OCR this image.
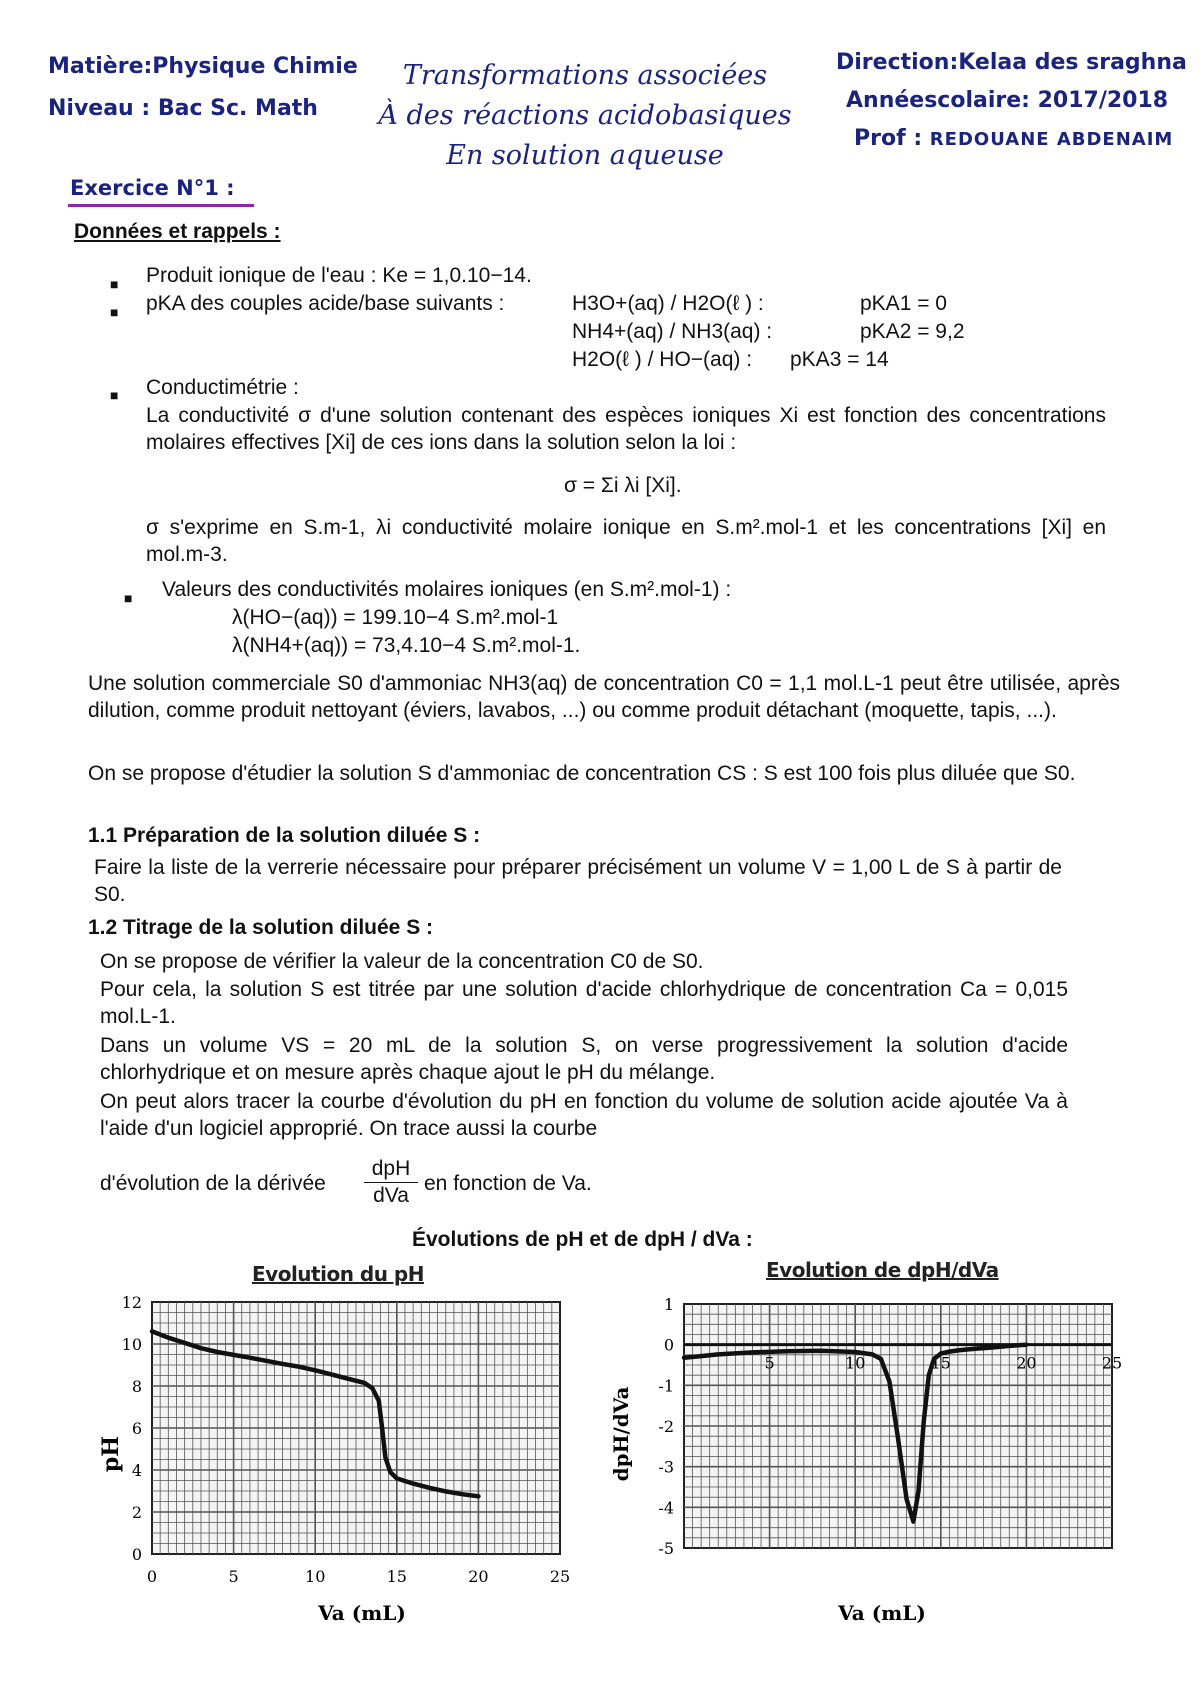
Matière:Physique Chimie
Niveau : Bac Sc. Math
Transformations associées
À des réactions acidobasiques
En solution aqueuse
Direction:Kelaa des sraghna
Annéescolaire: 2017/2018
Prof : REDOUANE ABDENAIM
Exercice N°1 :
Données et rappels :
■ Produit ionique de l'eau : Ke = 1,0.10−14.
■ pKA des couples acide/base suivants :	H3O+(aq) / H2O(ℓ ) :	pKA1 = 0
NH4+(aq) / NH3(aq) :	pKA2 = 9,2
H2O(ℓ ) / HO−(aq) : pKA3 = 14
■ Conductimétrie :
La conductivité σ d'une solution contenant des espèces ioniques Xi est fonction des concentrations molaires effectives [Xi] de ces ions dans la solution selon la loi :
σ = Σi λi [Xi].
σ s'exprime en S.m-1, λi conductivité molaire ionique en S.m².mol-1 et les concentrations [Xi] en mol.m-3.
■ Valeurs des conductivités molaires ioniques (en S.m².mol-1) :
λ(HO−(aq)) = 199.10−4 S.m².mol-1
λ(NH4+(aq)) = 73,4.10−4 S.m².mol-1.
Une solution commerciale S0 d'ammoniac NH3(aq) de concentration C0 = 1,1 mol.L-1 peut être utilisée, après dilution, comme produit nettoyant (éviers, lavabos, ...) ou comme produit détachant (moquette, tapis, ...).
On se propose d'étudier la solution S d'ammoniac de concentration CS : S est 100 fois plus diluée que S0.
1.1 Préparation de la solution diluée S :
Faire la liste de la verrerie nécessaire pour préparer précisément un volume V = 1,00 L de S à partir de S0.
1.2 Titrage de la solution diluée S :
On se propose de vérifier la valeur de la concentration C0 de S0.
Pour cela, la solution S est titrée par une solution d'acide chlorhydrique de concentration Ca = 0,015 mol.L-1.
Dans un volume VS = 20 mL de la solution S, on verse progressivement la solution d'acide chlorhydrique et on mesure après chaque ajout le pH du mélange.
On peut alors tracer la courbe d'évolution du pH en fonction du volume de solution acide ajoutée Va à l'aide d'un logiciel approprié. On trace aussi la courbe
d'évolution de la dérivée
dpH
dVa
en fonction de Va.
Évolutions de pH et de dpH / dVa :
Evolution du pH
0
2
4
6
8
10
12
0	5	10	15	20	25
pH
Va (mL)
Evolution de dpH/dVa
1
0
-1
-2
-3
-4
-5
5	10	15	20	25
dpH/dVa
Va (mL)
